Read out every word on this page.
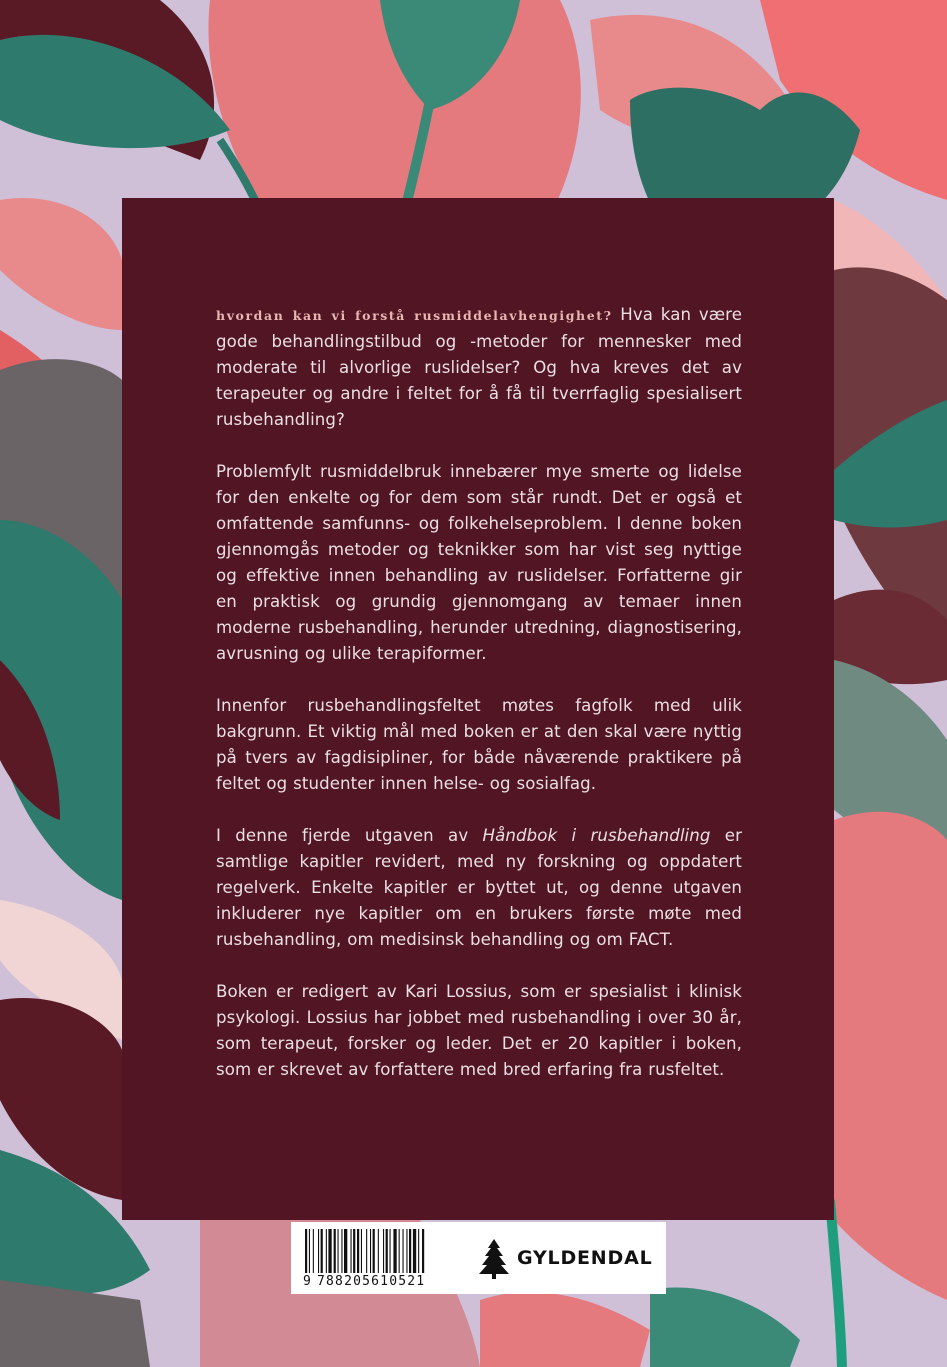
hvordan kan vi forstå rusmiddelavhengighet? Hva kan være gode behandlingstilbud og -metoder for mennesker med moderate til alvorlige ruslidelser? Og hva kreves det av terapeuter og andre i feltet for å få til tverrfaglig spesialisert rusbehandling?

Problemfylt rusmiddelbruk innebærer mye smerte og lidelse for den enkelte og for dem som står rundt. Det er også et omfattende samfunns- og folkehelseproblem. I denne boken gjennomgås metoder og teknikker som har vist seg nyttige og effektive innen behandling av ruslidelser. Forfatterne gir en praktisk og grundig gjennomgang av temaer innen moderne rusbehandling, herunder utredning, diagnostisering, avrusning og ulike terapiformer.

Innenfor rusbehandlingsfeltet møtes fagfolk med ulik bakgrunn. Et viktig mål med boken er at den skal være nyttig på tvers av fagdisipliner, for både nåværende praktikere på feltet og studenter innen helse- og sosialfag.

I denne fjerde utgaven av Håndbok i rusbehandling er samtlige kapitler revidert, med ny forskning og oppdatert regelverk. Enkelte kapitler er byttet ut, og denne utgaven inkluderer nye kapitler om en brukers første møte med rusbehandling, om medisinsk behandling og om FACT.

Boken er redigert av Kari Lossius, som er spesialist i klinisk psykologi. Lossius har jobbet med rusbehandling i over 30 år, som terapeut, forsker og leder. Det er 20 kapitler i boken, som er skrevet av forfattere med bred erfaring fra rusfeltet.

9 788205610521
GYLDENDAL
